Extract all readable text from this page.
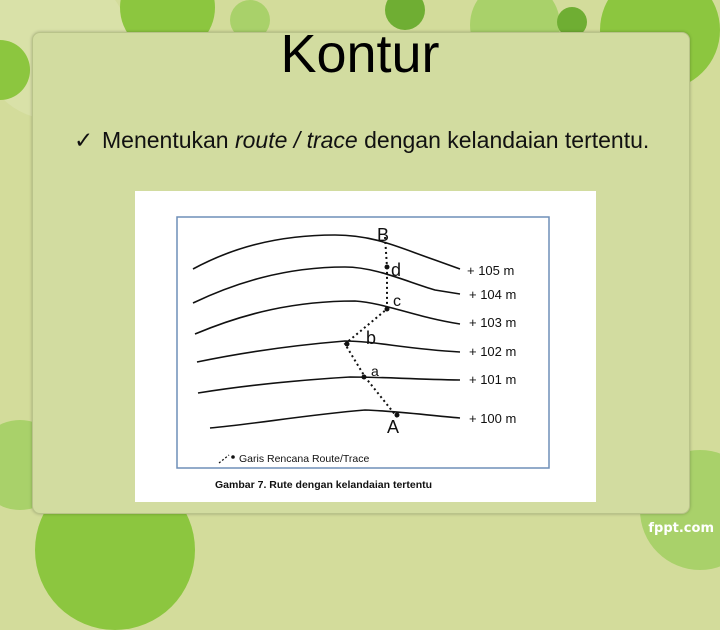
Kontur
✓ Menentukan route / trace dengan kelandaian tertentu.
B
d
c
b
a
A
+ 105 m
+ 104 m
+ 103 m
+ 102 m
+ 101 m
+ 100 m
Garis Rencana Route/Trace
Gambar 7. Rute dengan kelandaian tertentu
fppt.com
